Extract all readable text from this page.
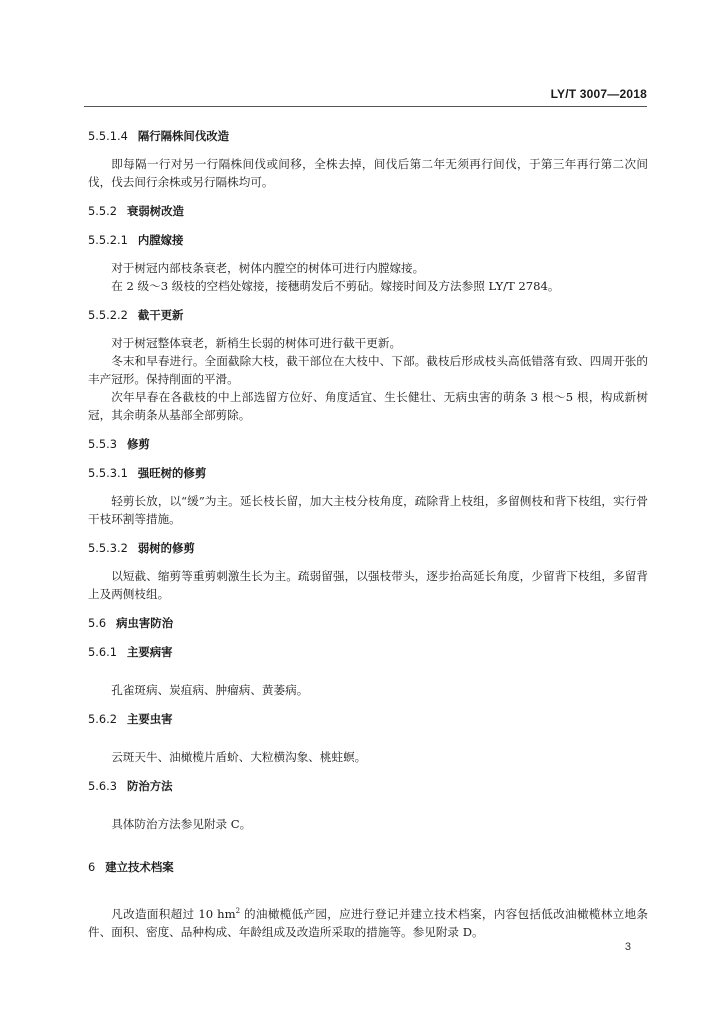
LY/T 3007—2018
5.5.1.4 隔行隔株间伐改造

即每隔一行对另一行隔株间伐或间移，全株去掉，间伐后第二年无须再行间伐，于第三年再行第二次间伐，伐去间行余株或另行隔株均可。

5.5.2 衰弱树改造
5.5.2.1 内膛嫁接

对于树冠内部枝条衰老，树体内膛空的树体可进行内膛嫁接。

在 2 级～3 级枝的空档处嫁接，接穗萌发后不剪砧。嫁接时间及方法参照 LY/T 2784。

5.5.2.2 截干更新

对于树冠整体衰老，新梢生长弱的树体可进行截干更新。

冬末和早春进行。全面截除大枝，截干部位在大枝中、下部。截枝后形成枝头高低错落有致、四周开张的丰产冠形。保持削面的平滑。

次年早春在各截枝的中上部选留方位好、角度适宜、生长健壮、无病虫害的萌条 3 根～5 根，构成新树冠，其余萌条从基部全部剪除。

5.5.3 修剪
5.5.3.1 强旺树的修剪

轻剪长放，以“缓”为主。延长枝长留，加大主枝分枝角度，疏除背上枝组，多留侧枝和背下枝组，实行骨干枝环割等措施。

5.5.3.2 弱树的修剪

以短截、缩剪等重剪刺激生长为主。疏弱留强，以强枝带头，逐步抬高延长角度，少留背下枝组，多留背上及两侧枝组。

5.6 病虫害防治
5.6.1 主要病害

孔雀斑病、炭疽病、肿瘤病、黄萎病。

5.6.2 主要虫害

云斑天牛、油橄榄片盾蚧、大粒横沟象、桃蛀螟。

5.6.3 防治方法

具体防治方法参见附录 C。

6 建立技术档案

凡改造面积超过 10 $hm^2$ 的油橄榄低产园，应进行登记并建立技术档案，内容包括低改油橄榄林立地条件、面积、密度、品种构成、年龄组成及改造所采取的措施等。参见附录 D。

3
